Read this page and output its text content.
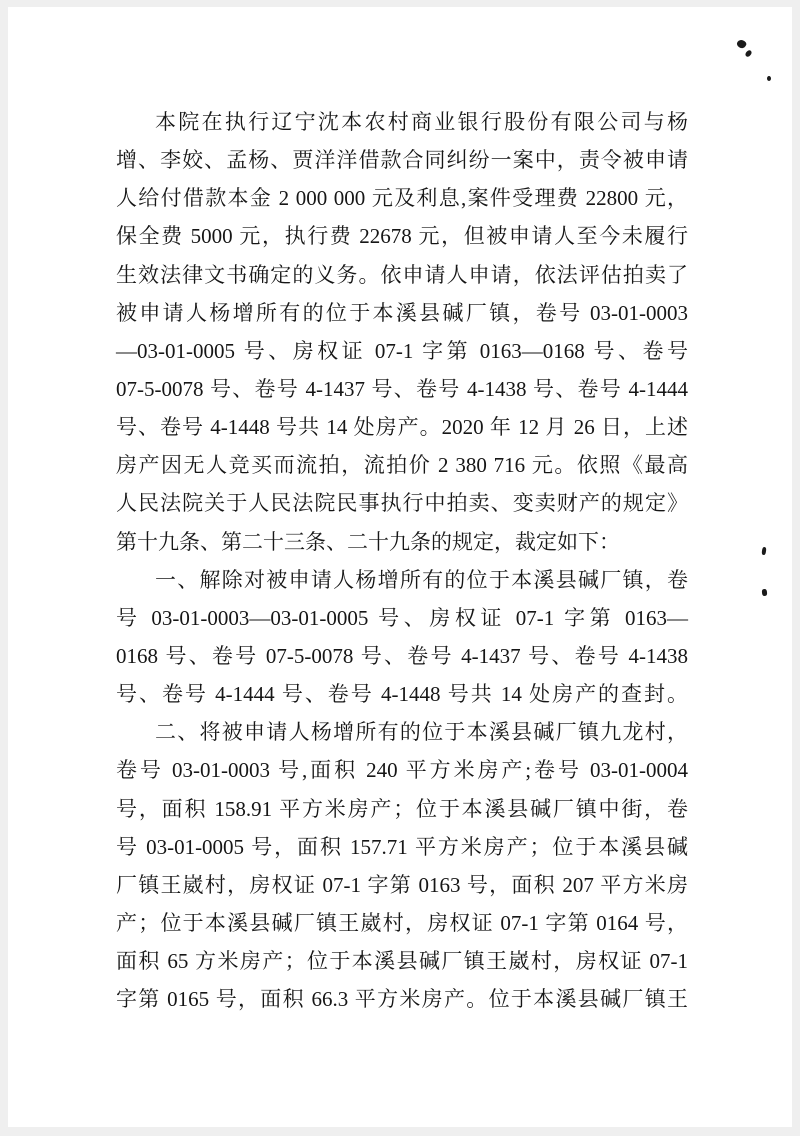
本院在执行辽宁沈本农村商业银行股份有限公司与杨
增、李姣、孟杨、贾洋洋借款合同纠纷一案中，责令被申请
人给付借款本金 2 000 000 元及利息,案件受理费 22800 元，
保全费 5000 元，执行费 22678 元，但被申请人至今未履行
生效法律文书确定的义务。依申请人申请，依法评估拍卖了
被申请人杨增所有的位于本溪县碱厂镇，卷号 03-01-0003
—03-01-0005 号、房权证 07-1 字第 0163—0168 号、卷号
07-5-0078 号、卷号 4-1437 号、卷号 4-1438 号、卷号 4-1444
号、卷号 4-1448 号共 14 处房产。2020 年 12 月 26 日，上述
房产因无人竞买而流拍，流拍价 2 380 716 元。依照《最高
人民法院关于人民法院民事执行中拍卖、变卖财产的规定》
第十九条、第二十三条、二十九条的规定，裁定如下：
一、解除对被申请人杨增所有的位于本溪县碱厂镇，卷
号 03-01-0003—03-01-0005 号、房权证 07-1 字第 0163—
0168 号、卷号 07-5-0078 号、卷号 4-1437 号、卷号 4-1438
号、卷号 4-1444 号、卷号 4-1448 号共 14 处房产的查封。
二、将被申请人杨增所有的位于本溪县碱厂镇九龙村，
卷号 03-01-0003 号,面积 240 平方米房产;卷号 03-01-0004
号，面积 158.91 平方米房产；位于本溪县碱厂镇中街，卷
号 03-01-0005 号，面积 157.71 平方米房产；位于本溪县碱
厂镇王崴村，房权证 07-1 字第 0163 号，面积 207 平方米房
产；位于本溪县碱厂镇王崴村，房权证 07-1 字第 0164 号，
面积 65 方米房产；位于本溪县碱厂镇王崴村，房权证 07-1
字第 0165 号，面积 66.3 平方米房产。位于本溪县碱厂镇王
